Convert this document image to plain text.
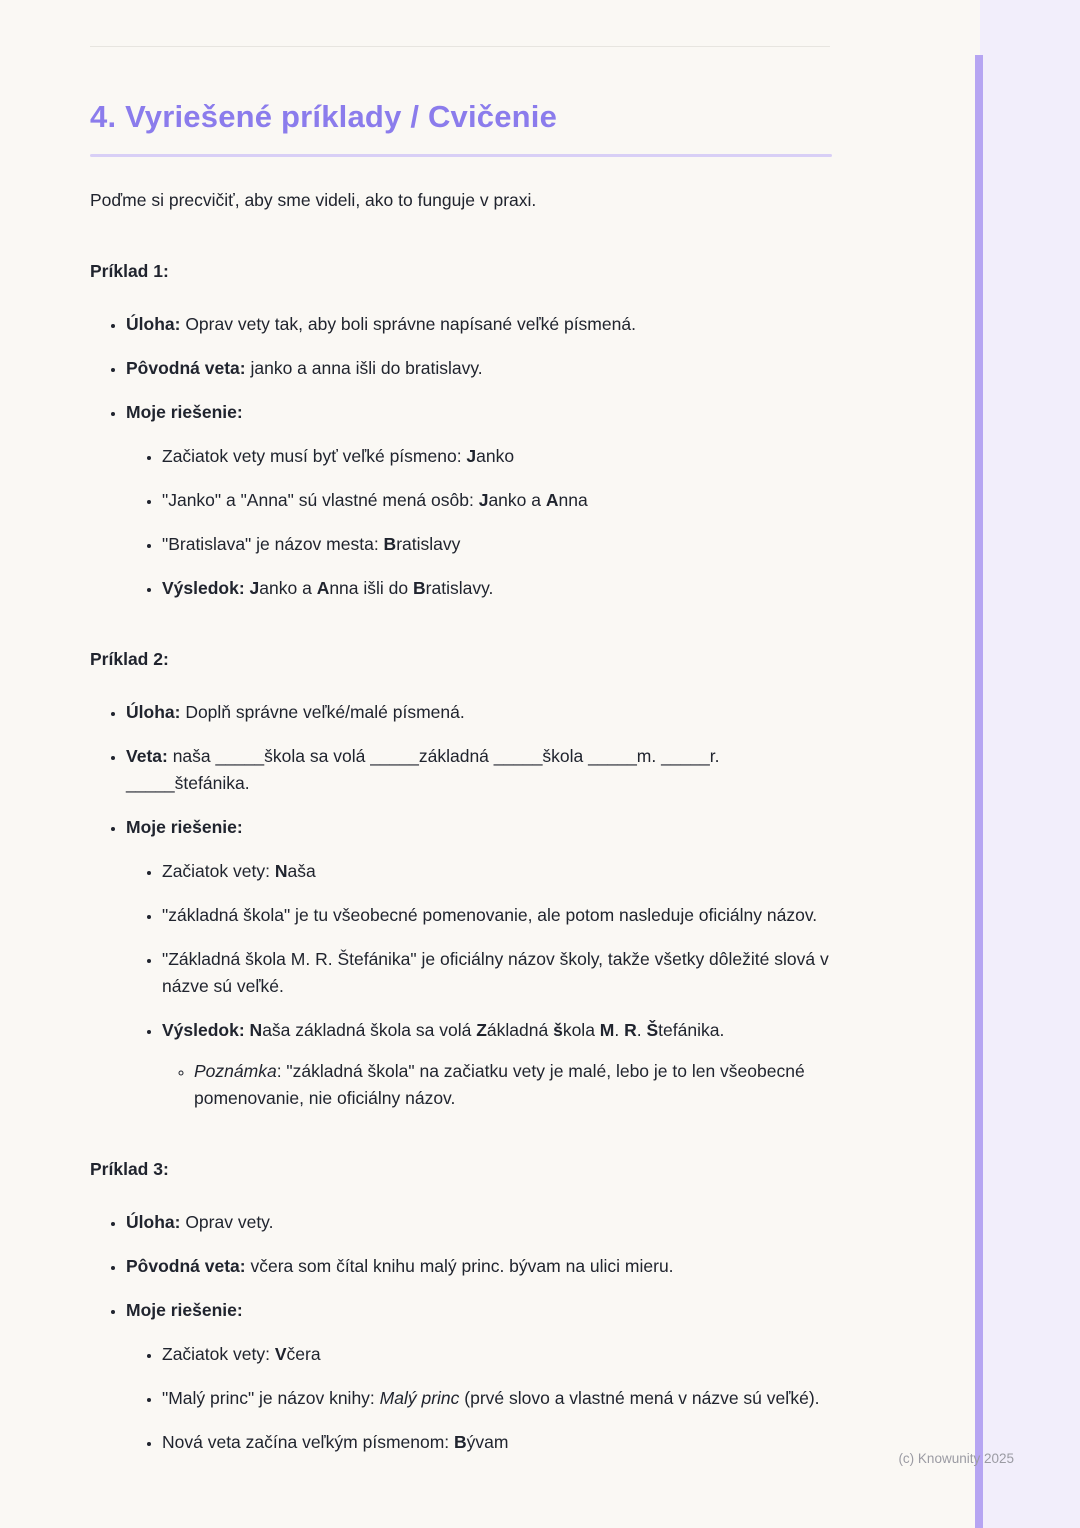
4. Vyriešené príklady / Cvičenie

Poďme si precvičiť, aby sme videli, ako to funguje v praxi.

Príklad 1:

• Úloha: Oprav vety tak, aby boli správne napísané veľké písmená.
• Pôvodná veta: janko a anna išli do bratislavy.
• Moje riešenie:
• Začiatok vety musí byť veľké písmeno: Janko
• "Janko" a "Anna" sú vlastné mená osôb: Janko a Anna
• "Bratislava" je názov mesta: Bratislavy
• Výsledok: Janko a Anna išli do Bratislavy.

Príklad 2:

• Úloha: Doplň správne veľké/malé písmená.
• Veta: naša _____škola sa volá _____základná _____škola _____m. _____r. _____štefánika.
• Moje riešenie:
• Začiatok vety: Naša
• "základná škola" je tu všeobecné pomenovanie, ale potom nasleduje oficiálny názov.
• "Základná škola M. R. Štefánika" je oficiálny názov školy, takže všetky dôležité slová v názve sú veľké.
• Výsledok: Naša základná škola sa volá Základná škola M. R. Štefánika.
◦ Poznámka: "základná škola" na začiatku vety je malé, lebo je to len všeobecné pomenovanie, nie oficiálny názov.

Príklad 3:

• Úloha: Oprav vety.
• Pôvodná veta: včera som čítal knihu malý princ. bývam na ulici mieru.
• Moje riešenie:
• Začiatok vety: Včera
• "Malý princ" je názov knihy: Malý princ (prvé slovo a vlastné mená v názve sú veľké).
• Nová veta začína veľkým písmenom: Bývam
(c) Knowunity 2025
